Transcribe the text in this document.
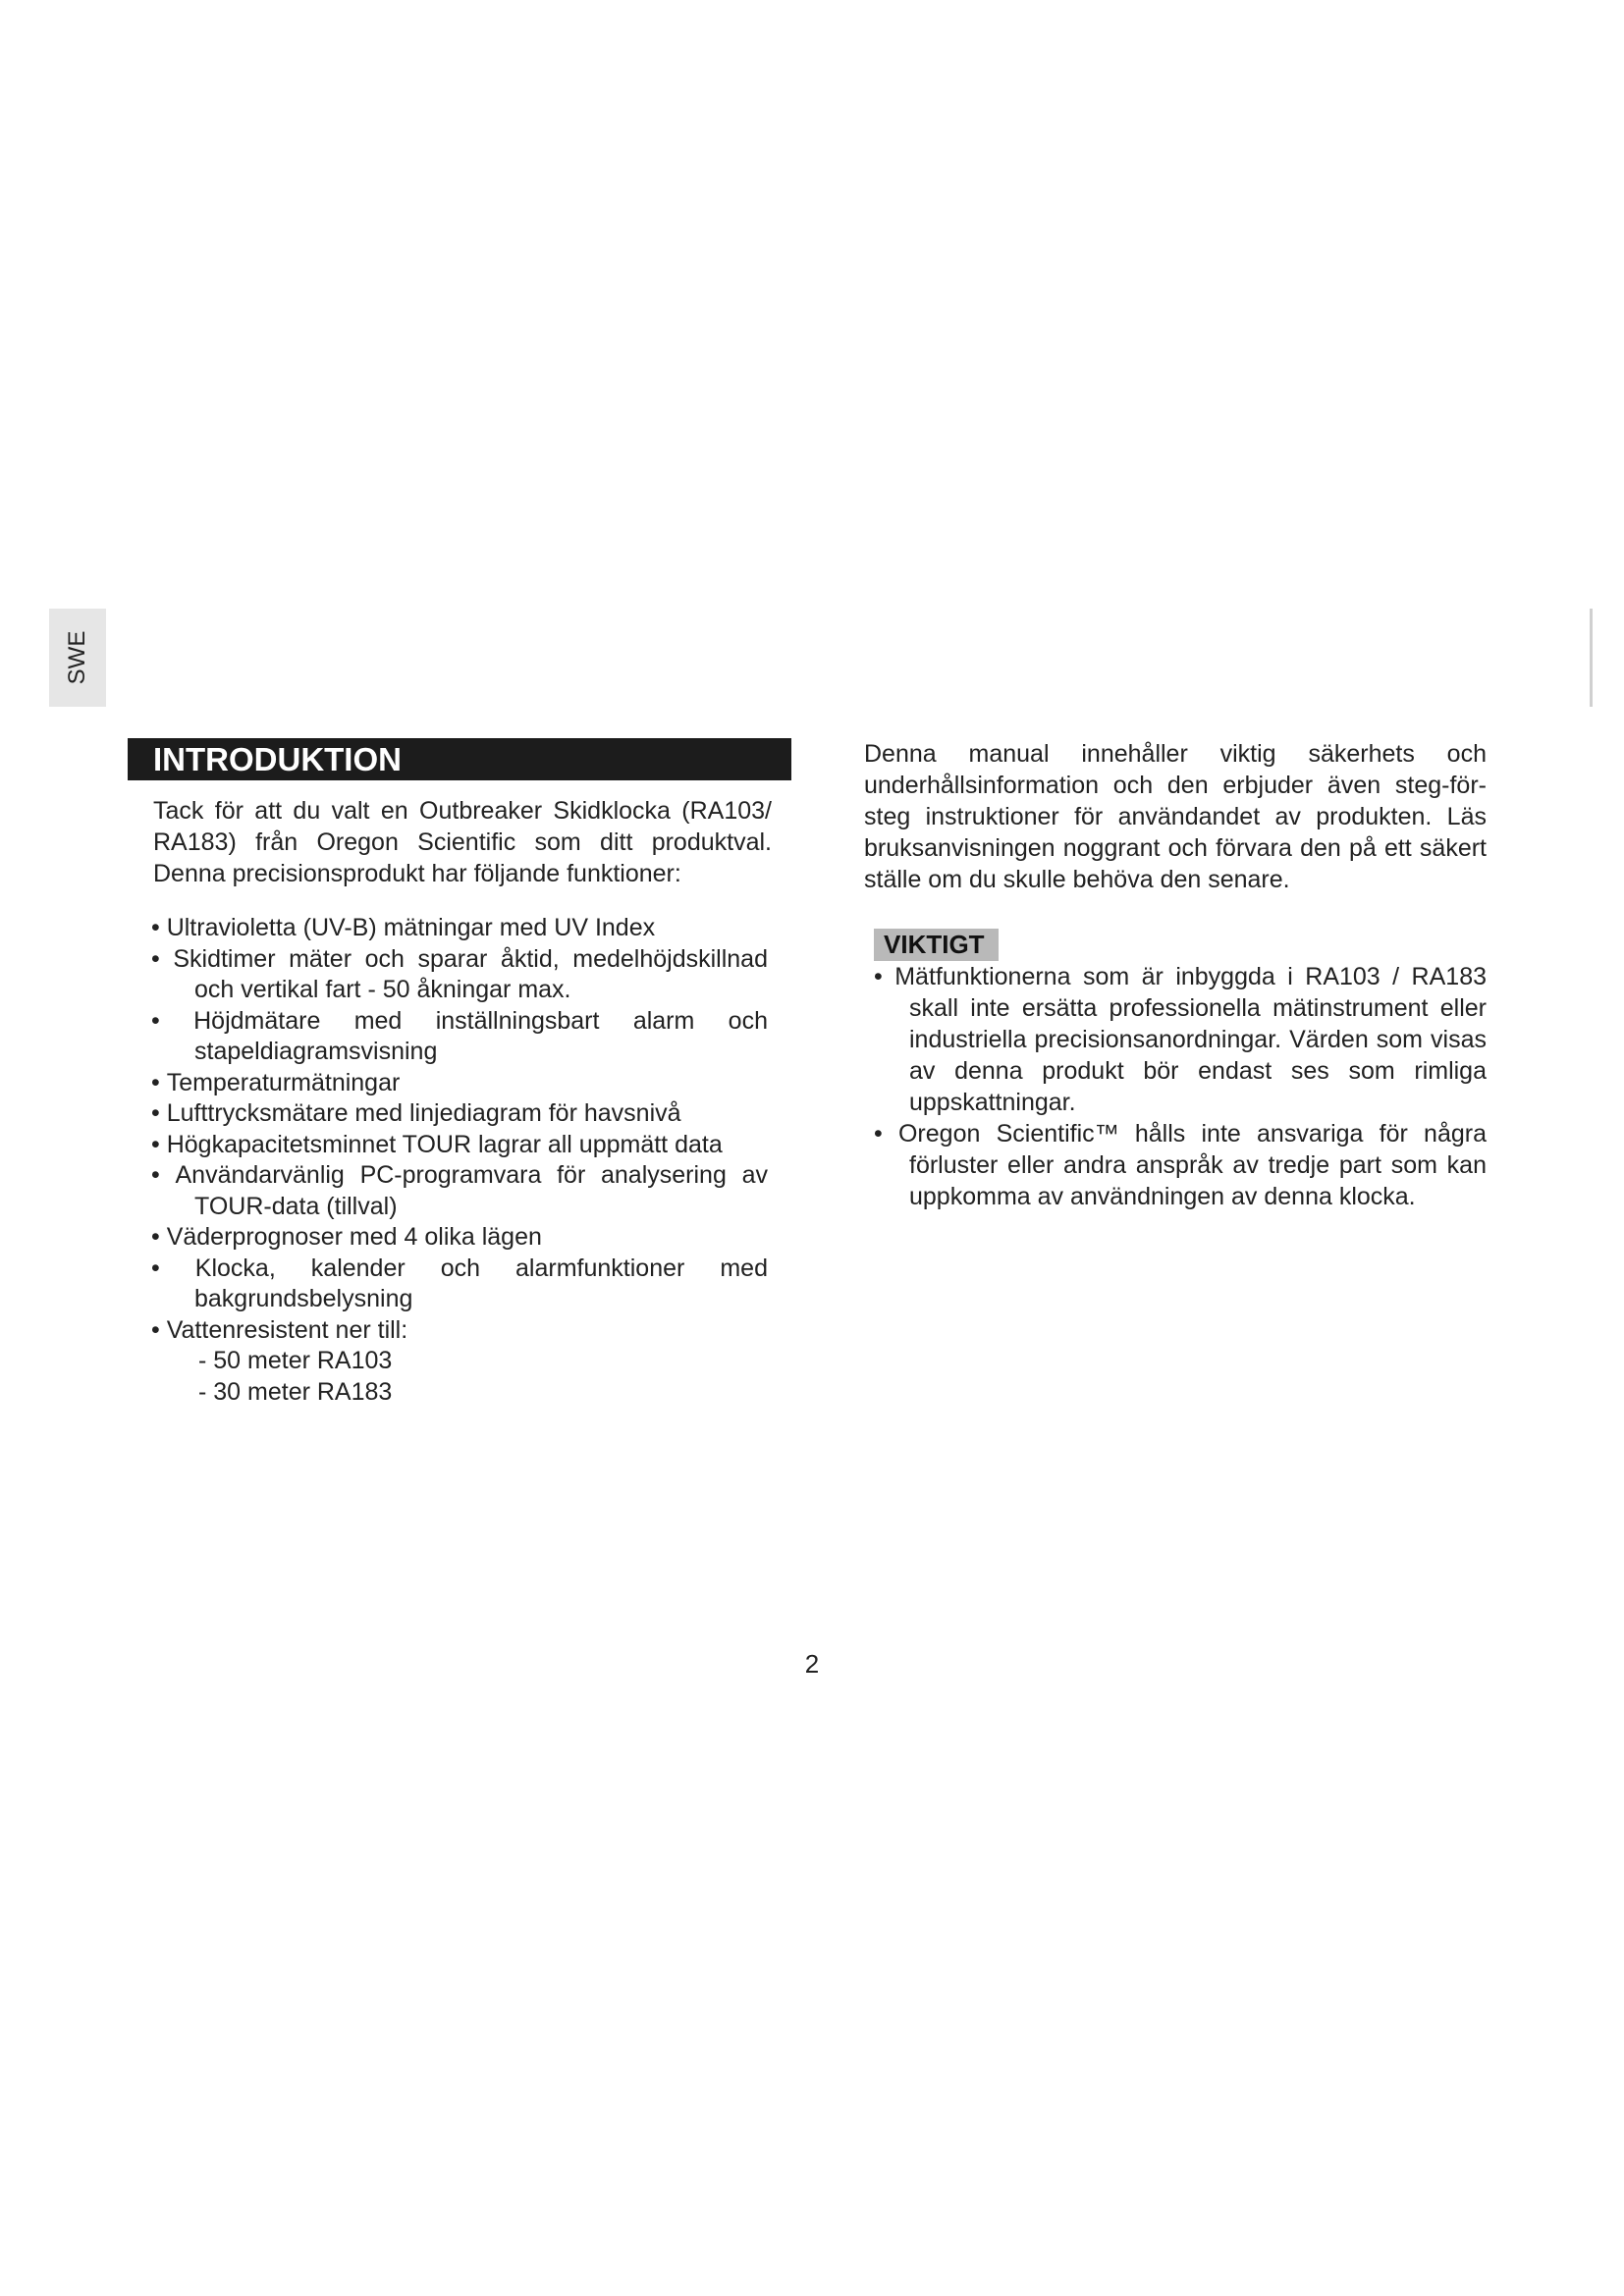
SWE
INTRODUKTION

Tack för att du valt en Outbreaker Skidklocka (RA103/ RA183) från Oregon Scientific som ditt produktval. Denna precisionsprodukt har följande funktioner:

• Ultravioletta (UV-B) mätningar med UV Index
• Skidtimer mäter och sparar åktid, medelhöjdskillnad och vertikal fart - 50 åkningar max.
• Höjdmätare med inställningsbart alarm och stapeldiagramsvisning
• Temperaturmätningar
• Lufttrycksmätare med linjediagram för havsnivå
• Högkapacitetsminnet TOUR lagrar all uppmätt data
• Användarvänlig PC-programvara för analysering av TOUR-data (tillval)
• Väderprognoser med 4 olika lägen
• Klocka, kalender och alarmfunktioner med bakgrundsbelysning
• Vattenresistent ner till:
- 50 meter RA103
- 30 meter RA183

Denna manual innehåller viktig säkerhets och underhållsinformation och den erbjuder även steg-för-steg instruktioner för användandet av produkten. Läs bruksanvisningen noggrant och förvara den på ett säkert ställe om du skulle behöva den senare.

VIKTIGT
• Mätfunktionerna som är inbyggda i RA103 / RA183 skall inte ersätta professionella mätinstrument eller industriella precisionsanordningar. Värden som visas av denna produkt bör endast ses som rimliga uppskattningar.
• Oregon Scientific™ hålls inte ansvariga för några förluster eller andra anspråk av tredje part som kan uppkomma av användningen av denna klocka.
2
